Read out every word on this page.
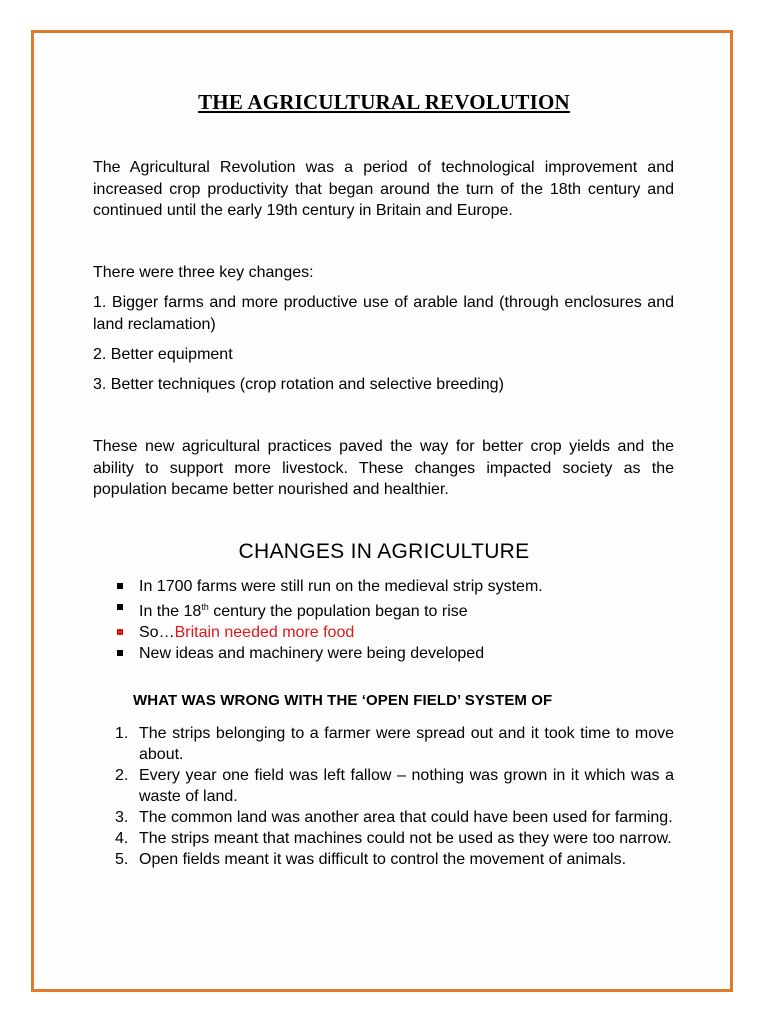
THE AGRICULTURAL REVOLUTION

The Agricultural Revolution was a period of technological improvement and increased crop productivity that began around the turn of the 18th century and continued until the early 19th century in Britain and Europe.

There were three key changes:

1. Bigger farms and more productive use of arable land (through enclosures and land reclamation)

2. Better equipment

3. Better techniques (crop rotation and selective breeding)

These new agricultural practices paved the way for better crop yields and the ability to support more livestock. These changes impacted society as the population became better nourished and healthier.

CHANGES IN AGRICULTURE
In 1700 farms were still run on the medieval strip system.
In the 18th century the population began to rise
So…Britain needed more food
New ideas and machinery were being developed
WHAT WAS WRONG WITH THE ‘OPEN FIELD’ SYSTEM OF
1. The strips belonging to a farmer were spread out and it took time to move about.
2. Every year one field was left fallow – nothing was grown in it which was a waste of land.
3. The common land was another area that could have been used for farming.
4. The strips meant that machines could not be used as they were too narrow.
5. Open fields meant it was difficult to control the movement of animals.
